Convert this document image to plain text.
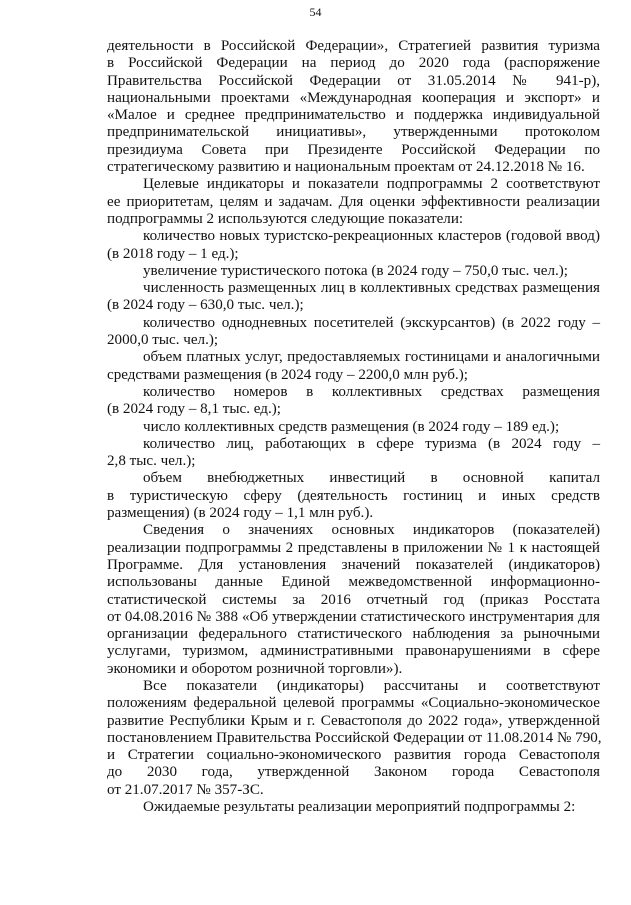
54
деятельности в Российской Федерации», Стратегией развития туризма
в Российской Федерации на период до 2020 года (распоряжение
Правительства Российской Федерации от 31.05.2014 № 941-р),
национальными проектами «Международная кооперация и экспорт» и
«Малое и среднее предпринимательство и поддержка индивидуальной
предпринимательской инициативы», утвержденными протоколом
президиума Совета при Президенте Российской Федерации по
стратегическому развитию и национальным проектам от 24.12.2018 № 16.
Целевые индикаторы и показатели подпрограммы 2 соответствуют
ее приоритетам, целям и задачам. Для оценки эффективности реализации
подпрограммы 2 используются следующие показатели:
количество новых туристско-рекреационных кластеров (годовой ввод)
(в 2018 году – 1 ед.);
увеличение туристического потока (в 2024 году – 750,0 тыс. чел.);
численность размещенных лиц в коллективных средствах размещения
(в 2024 году – 630,0 тыс. чел.);
количество однодневных посетителей (экскурсантов) (в 2022 году –
2000,0 тыс. чел.);
объем платных услуг, предоставляемых гостиницами и аналогичными
средствами размещения (в 2024 году – 2200,0 млн руб.);
количество номеров в коллективных средствах размещения
(в 2024 году – 8,1 тыс. ед.);
число коллективных средств размещения (в 2024 году – 189 ед.);
количество лиц, работающих в сфере туризма (в 2024 году –
2,8 тыс. чел.);
объем внебюджетных инвестиций в основной капитал
в туристическую сферу (деятельность гостиниц и иных средств
размещения) (в 2024 году – 1,1 млн руб.).
Сведения о значениях основных индикаторов (показателей)
реализации подпрограммы 2 представлены в приложении № 1 к настоящей
Программе. Для установления значений показателей (индикаторов)
использованы данные Единой межведомственной информационно-
статистической системы за 2016 отчетный год (приказ Росстата
от 04.08.2016 № 388 «Об утверждении статистического инструментария для
организации федерального статистического наблюдения за рыночными
услугами, туризмом, административными правонарушениями в сфере
экономики и оборотом розничной торговли»).
Все показатели (индикаторы) рассчитаны и соответствуют
положениям федеральной целевой программы «Социально-экономическое
развитие Республики Крым и г. Севастополя до 2022 года», утвержденной
постановлением Правительства Российской Федерации от 11.08.2014 № 790,
и Стратегии социально-экономического развития города Севастополя
до 2030 года, утвержденной Законом города Севастополя
от 21.07.2017 № 357-ЗС.
Ожидаемые результаты реализации мероприятий подпрограммы 2:
